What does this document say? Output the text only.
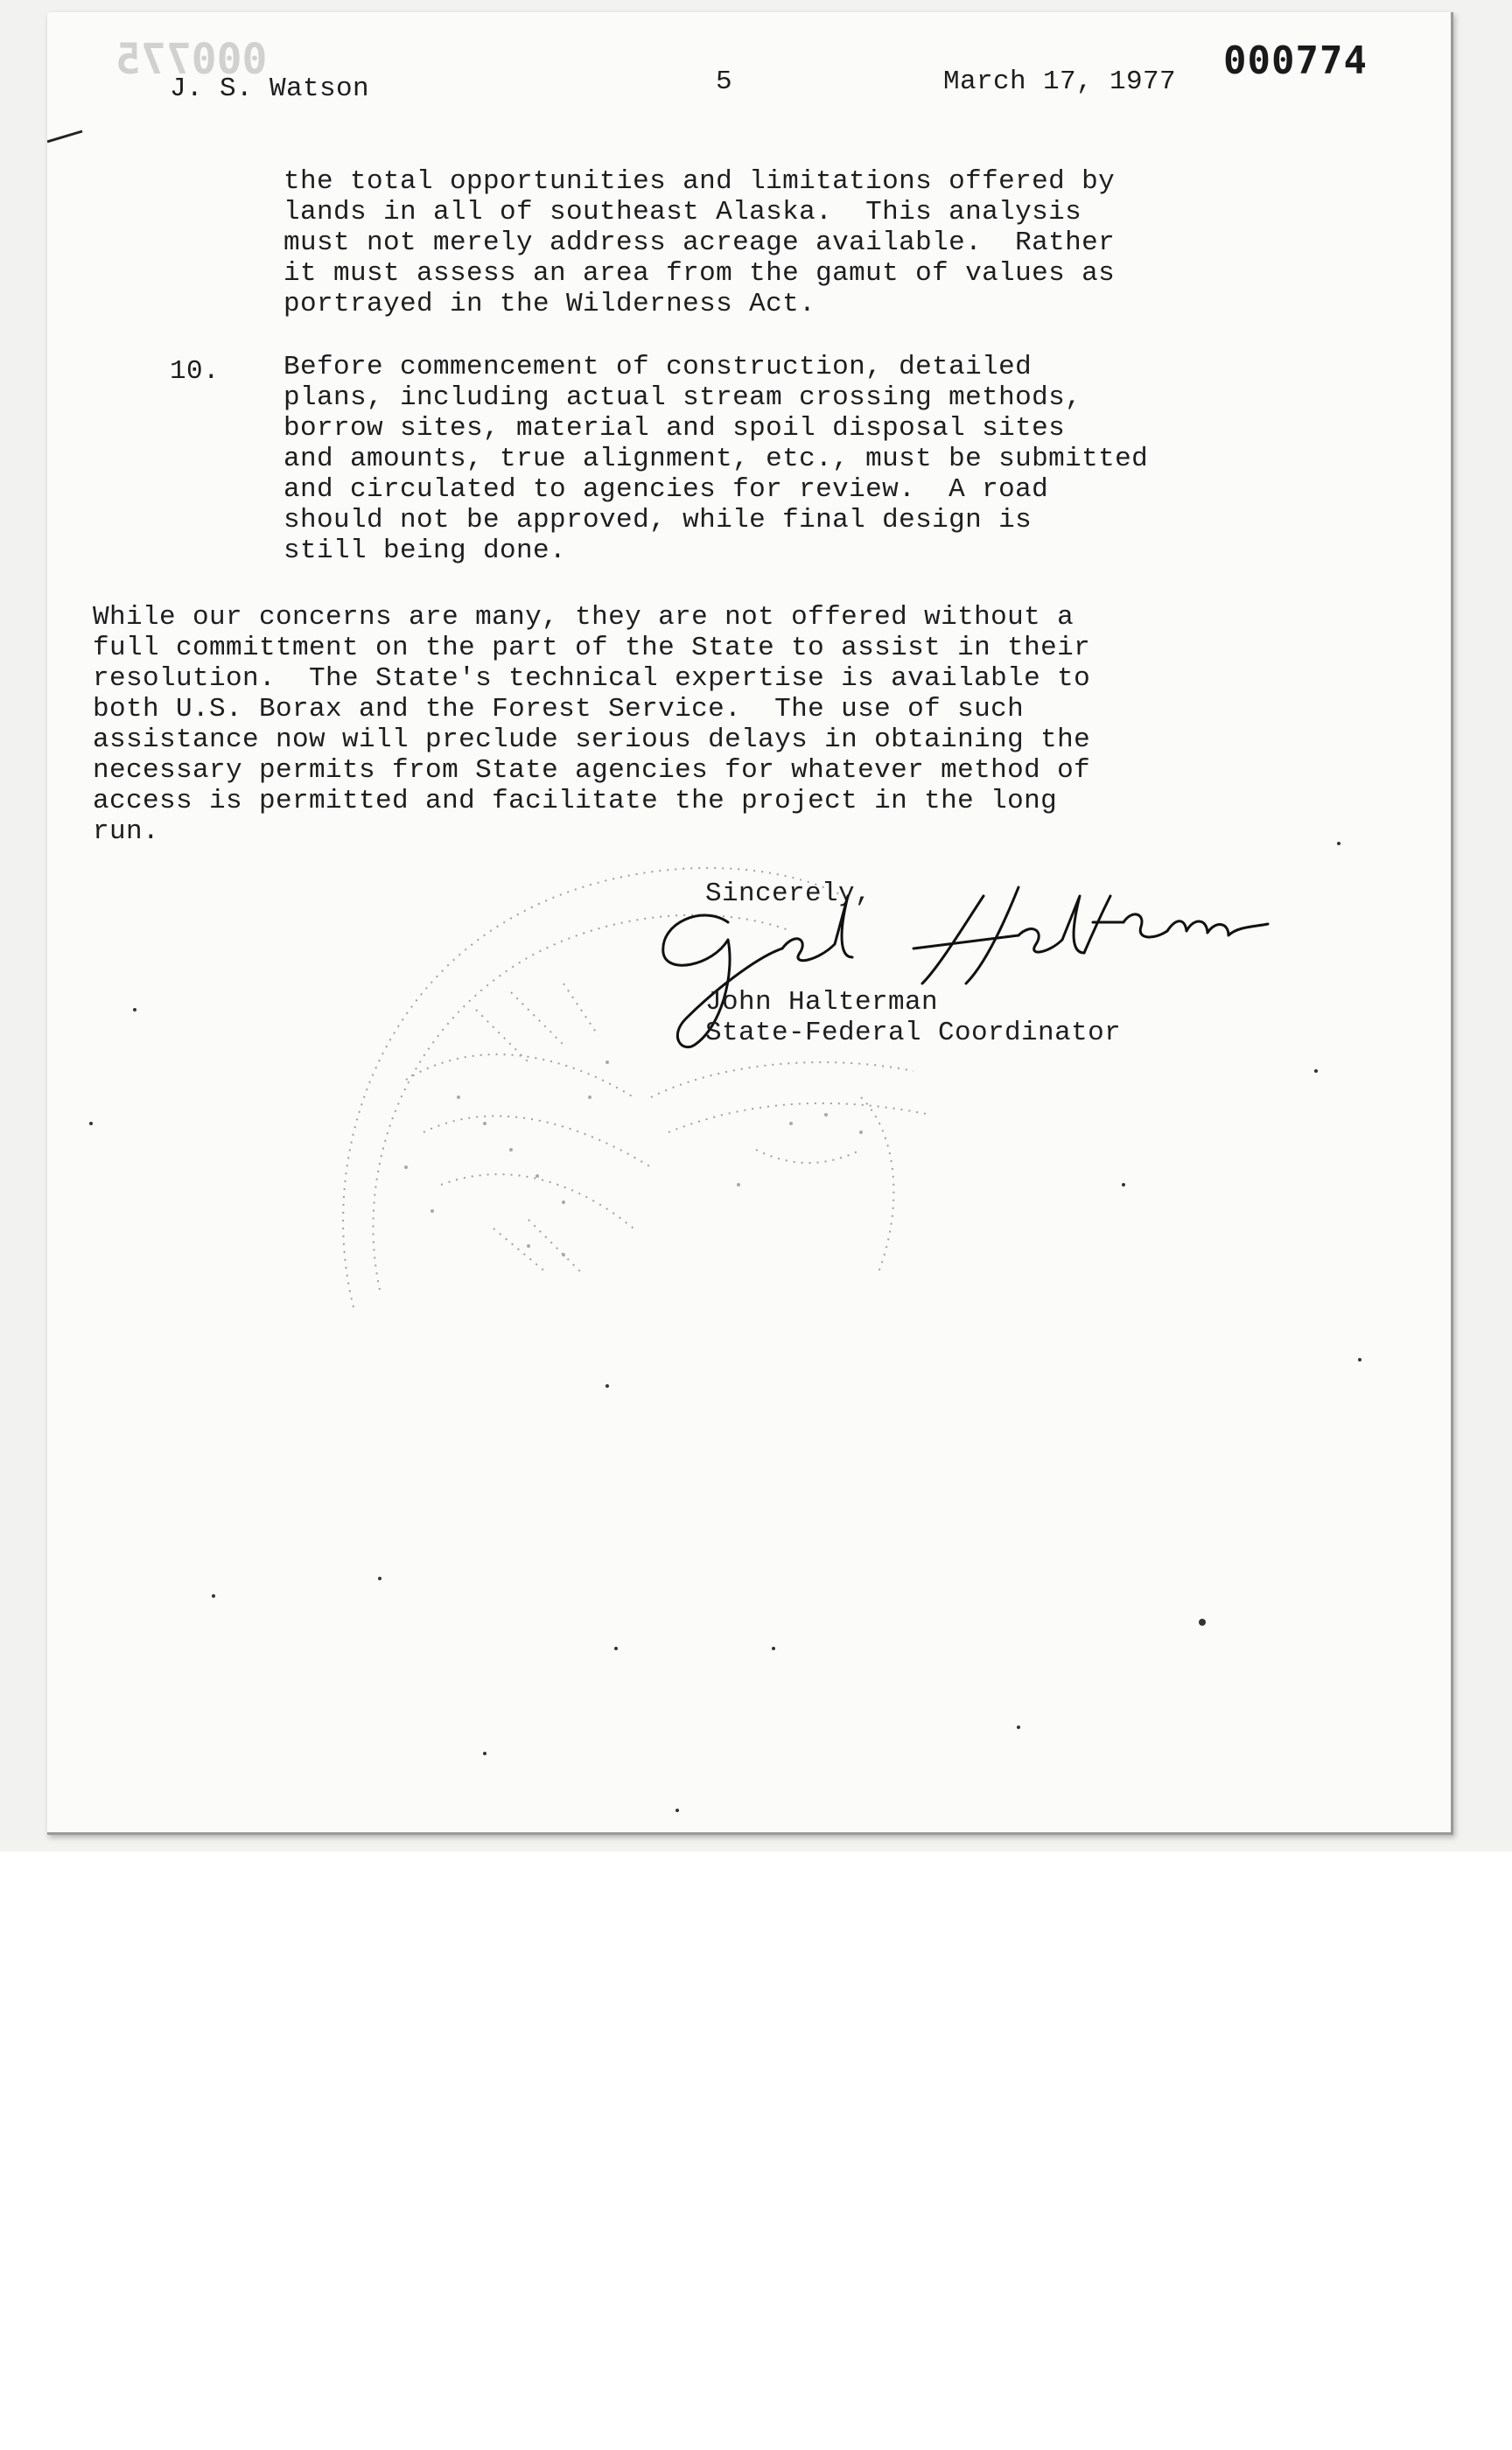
000775
J. S. Watson	5	March 17, 1977 000774

the total opportunities and limitations offered by

lands in all of southeast Alaska.  This analysis

must not merely address acreage available.  Rather

it must assess an area from the gamut of values as

portrayed in the Wilderness Act.

10.

Before commencement of construction, detailed

plans, including actual stream crossing methods,

borrow sites, material and spoil disposal sites

and amounts, true alignment, etc., must be submitted

and circulated to agencies for review.  A road

should not be approved, while final design is

still being done.

While our concerns are many, they are not offered without a

full committment on the part of the State to assist in their

resolution.  The State's technical expertise is available to

both U.S. Borax and the Forest Service.  The use of such

assistance now will preclude serious delays in obtaining the

necessary permits from State agencies for whatever method of

access is permitted and facilitate the project in the long

run.

Sincerely,
John Halterman
State-Federal Coordinator
